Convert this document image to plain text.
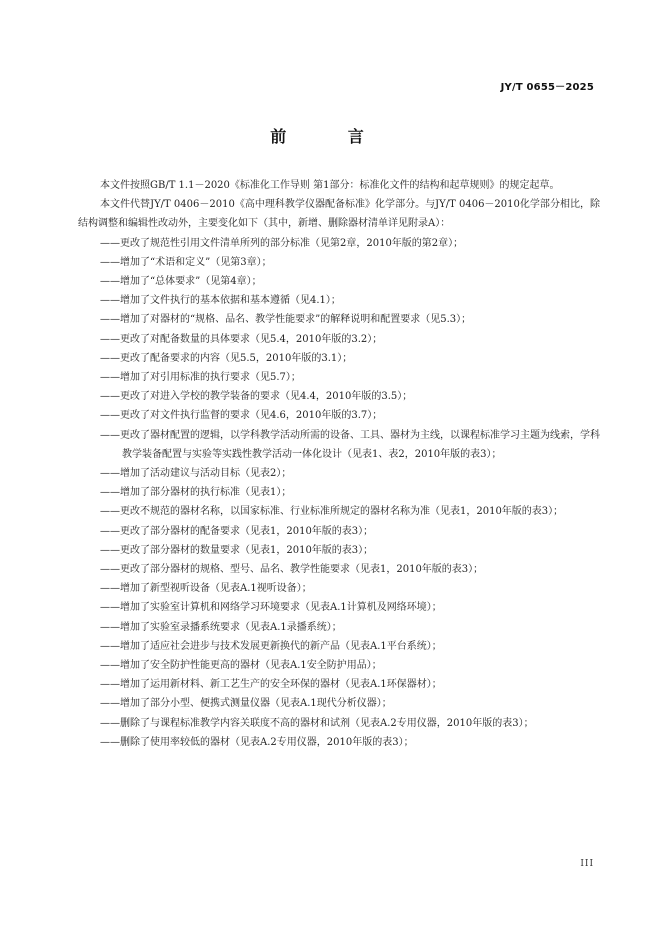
JY/T 0655－2025
前 言

本文件按照GB/T 1.1－2020《标准化工作导则 第1部分：标准化文件的结构和起草规则》的规定起草。

本文件代替JY/T 0406－2010《高中理科教学仪器配备标准》化学部分。与JY/T 0406－2010化学部分相比，除结构调整和编辑性改动外，主要变化如下（其中，新增、删除器材清单详见附录A）：

——更改了规范性引用文件清单所列的部分标准（见第2章，2010年版的第2章）；

——增加了“术语和定义”（见第3章）；

——增加了“总体要求”（见第4章）；

——增加了文件执行的基本依据和基本遵循（见4.1）；

——增加了对器材的“规格、品名、教学性能要求”的解释说明和配置要求（见5.3）；

——更改了对配备数量的具体要求（见5.4，2010年版的3.2）；

——更改了配备要求的内容（见5.5，2010年版的3.1）；

——增加了对引用标准的执行要求（见5.7）；

——更改了对进入学校的教学装备的要求（见4.4，2010年版的3.5）；

——更改了对文件执行监督的要求（见4.6，2010年版的3.7）；

——更改了器材配置的逻辑，以学科教学活动所需的设备、工具、器材为主线，以课程标准学习主题为线索，学科教学装备配置与实验等实践性教学活动一体化设计（见表1、表2，2010年版的表3）；

——增加了活动建议与活动目标（见表2）；

——增加了部分器材的执行标准（见表1）；

——更改不规范的器材名称，以国家标准、行业标准所规定的器材名称为准（见表1，2010年版的表3）；

——更改了部分器材的配备要求（见表1，2010年版的表3）；

——更改了部分器材的数量要求（见表1，2010年版的表3）；

——更改了部分器材的规格、型号、品名、教学性能要求（见表1，2010年版的表3）；

——增加了新型视听设备（见表A.1视听设备）；

——增加了实验室计算机和网络学习环境要求（见表A.1计算机及网络环境）；

——增加了实验室录播系统要求（见表A.1录播系统）；

——增加了适应社会进步与技术发展更新换代的新产品（见表A.1平台系统）；

——增加了安全防护性能更高的器材（见表A.1安全防护用品）；

——增加了运用新材料、新工艺生产的安全环保的器材（见表A.1环保器材）；

——增加了部分小型、便携式测量仪器（见表A.1现代分析仪器）；

——删除了与课程标准教学内容关联度不高的器材和试剂（见表A.2专用仪器，2010年版的表3）；

——删除了使用率较低的器材（见表A.2专用仪器，2010年版的表3）；

III
